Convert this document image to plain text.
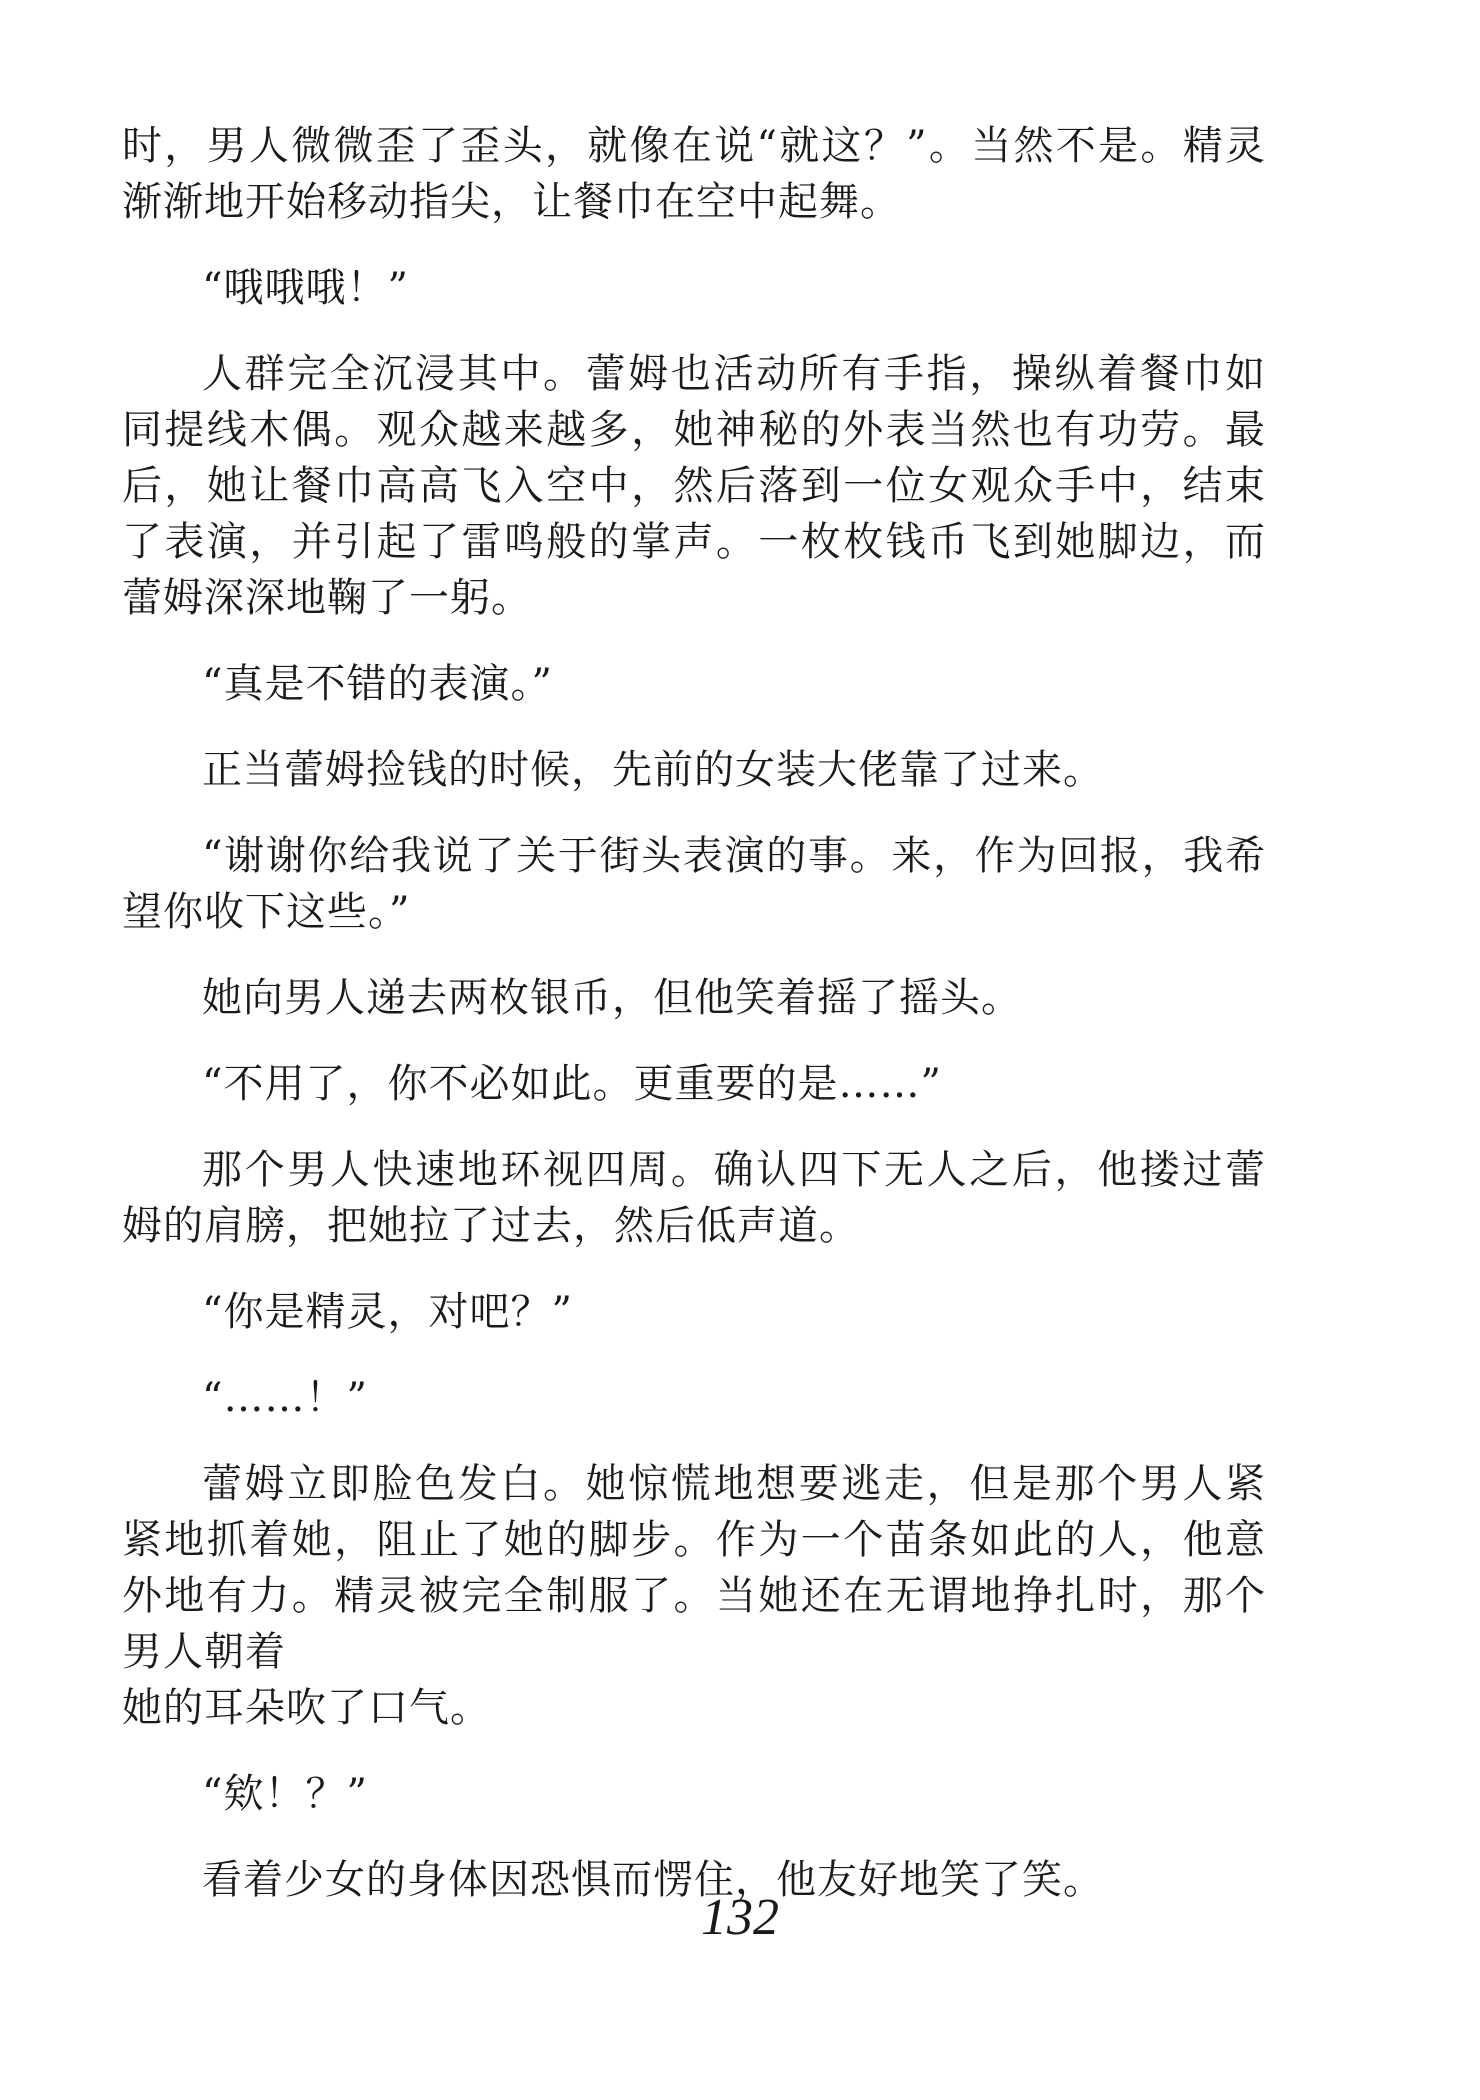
时，男人微微歪了歪头，就像在说“就这？”。当然不是。精灵渐渐地开始移动指尖，让餐巾在空中起舞。

“哦哦哦！”

人群完全沉浸其中。蕾姆也活动所有手指，操纵着餐巾如同提线木偶。观众越来越多，她神秘的外表当然也有功劳。最后，她让餐巾高高飞入空中，然后落到一位女观众手中，结束了表演，并引起了雷鸣般的掌声。一枚枚钱币飞到她脚边，而蕾姆深深地鞠了一躬。

“真是不错的表演。”

正当蕾姆捡钱的时候，先前的女装大佬靠了过来。

“谢谢你给我说了关于街头表演的事。来，作为回报，我希望你收下这些。”

她向男人递去两枚银币，但他笑着摇了摇头。

“不用了，你不必如此。更重要的是……”

那个男人快速地环视四周。确认四下无人之后，他搂过蕾姆的肩膀，把她拉了过去，然后低声道。

“你是精灵，对吧？”

“……！”

蕾姆立即脸色发白。她惊慌地想要逃走，但是那个男人紧紧地抓着她，阻止了她的脚步。作为一个苗条如此的人，他意外地有力。精灵被完全制服了。当她还在无谓地挣扎时，那个男人朝着

她的耳朵吹了口气。

“欸！？”

看着少女的身体因恐惧而愣住，他友好地笑了笑。

132
